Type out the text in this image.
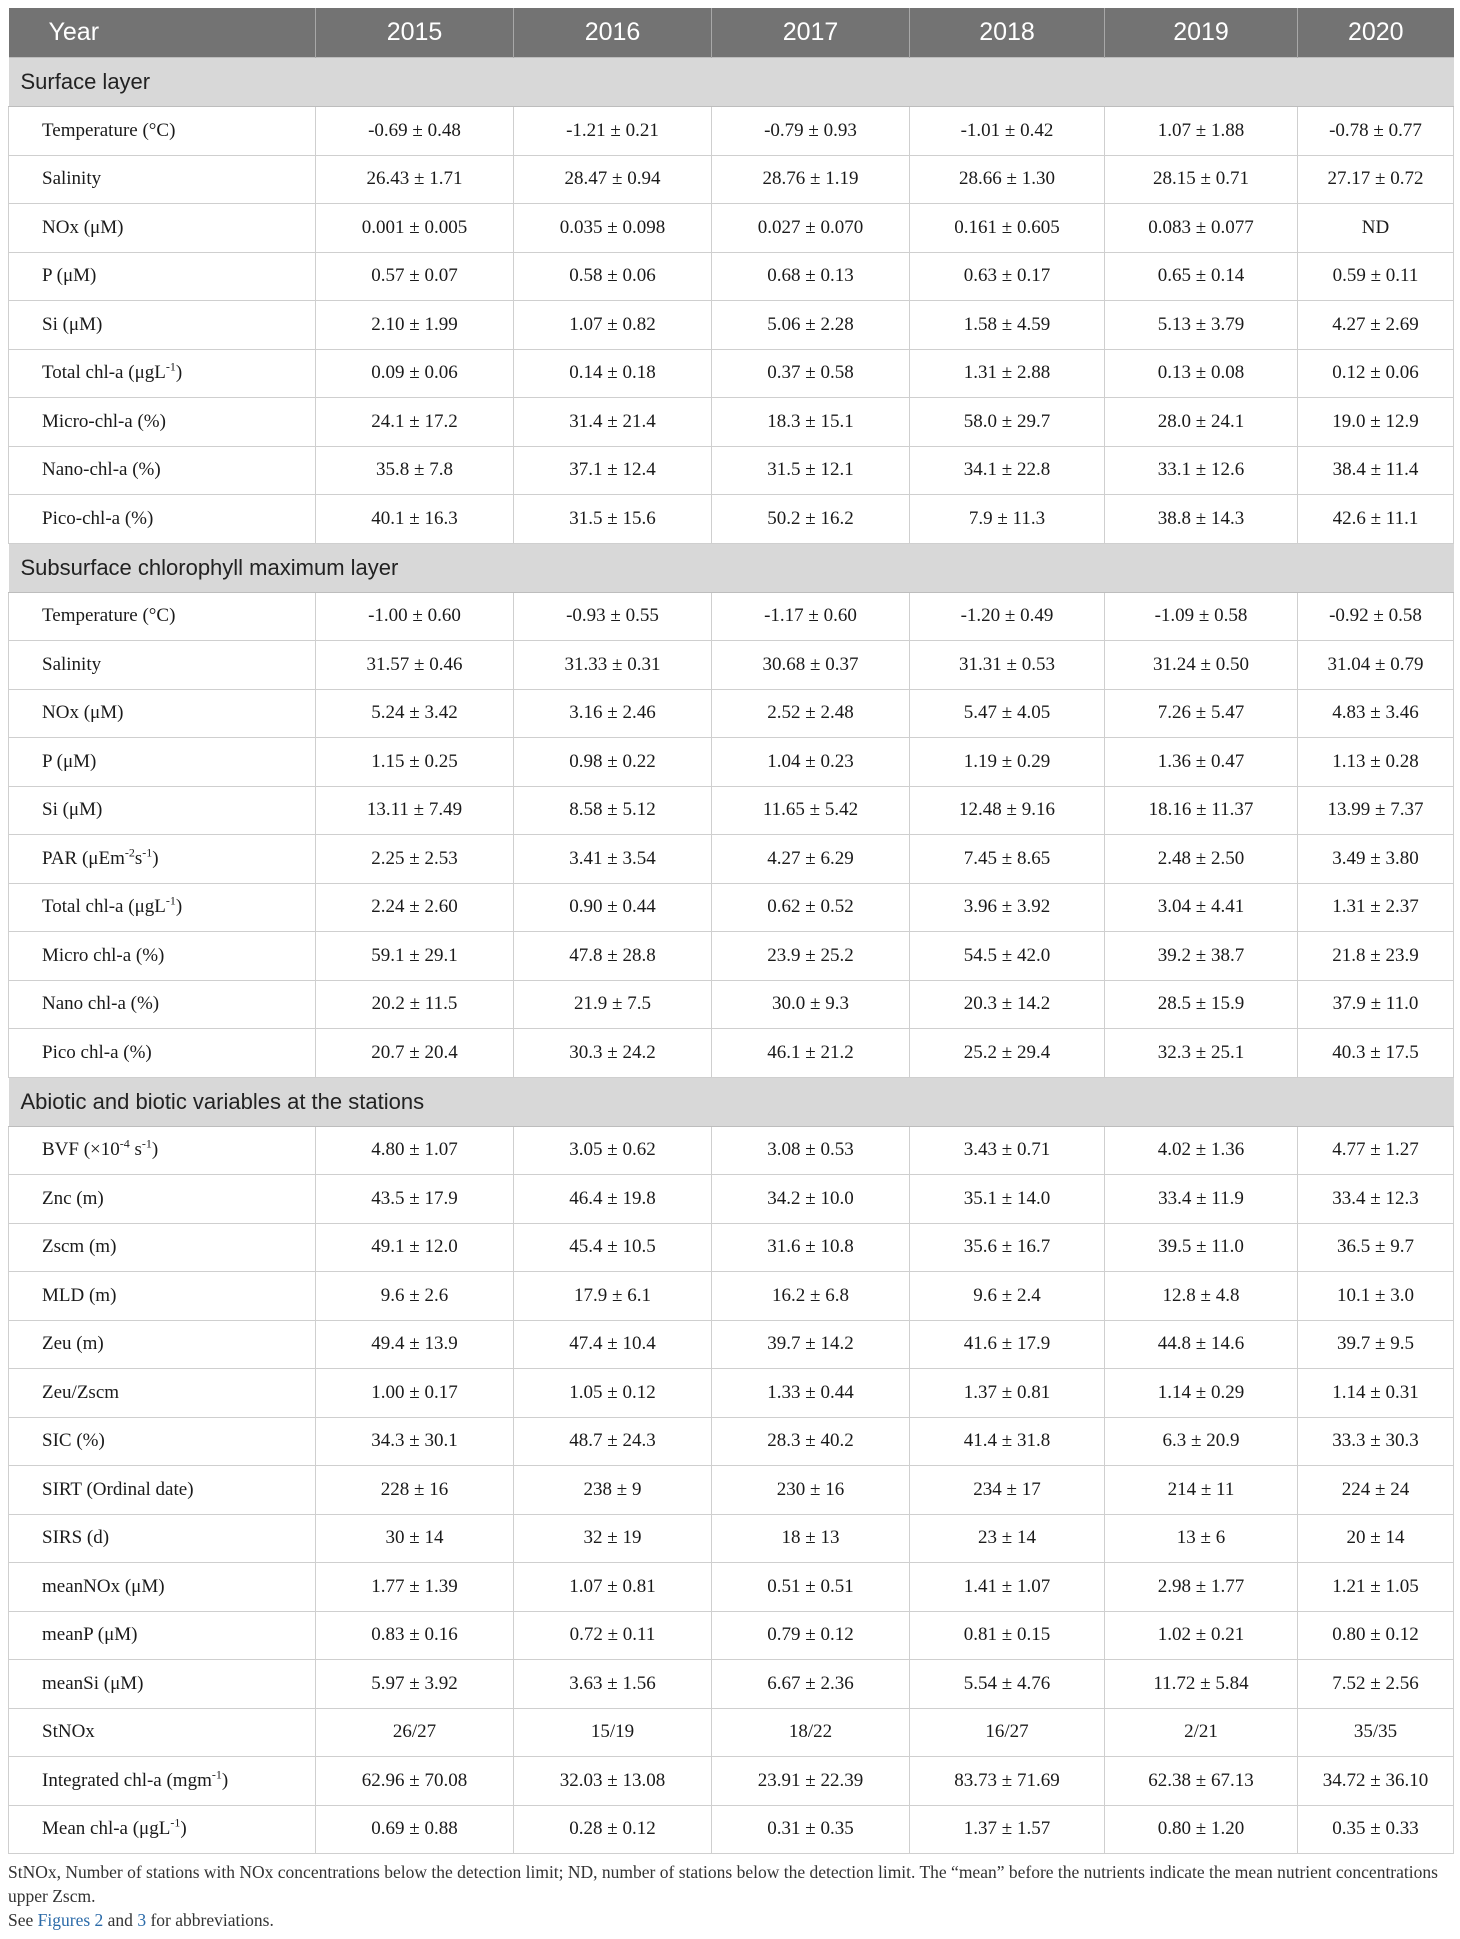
Year	2015	2016	2017	2018	2019	2020
Surface layer						
Temperature (°C)	-0.69 ± 0.48	-1.21 ± 0.21	-0.79 ± 0.93	-1.01 ± 0.42	1.07 ± 1.88	-0.78 ± 0.77
Salinity	26.43 ± 1.71	28.47 ± 0.94	28.76 ± 1.19	28.66 ± 1.30	28.15 ± 0.71	27.17 ± 0.72
NOx (μM)	0.001 ± 0.005	0.035 ± 0.098	0.027 ± 0.070	0.161 ± 0.605	0.083 ± 0.077	ND
P (μM)	0.57 ± 0.07	0.58 ± 0.06	0.68 ± 0.13	0.63 ± 0.17	0.65 ± 0.14	0.59 ± 0.11
Si (μM)	2.10 ± 1.99	1.07 ± 0.82	5.06 ± 2.28	1.58 ± 4.59	5.13 ± 3.79	4.27 ± 2.69
Total chl-a (μgL$^{-1}$)	0.09 ± 0.06	0.14 ± 0.18	0.37 ± 0.58	1.31 ± 2.88	0.13 ± 0.08	0.12 ± 0.06
Micro-chl-a (%)	24.1 ± 17.2	31.4 ± 21.4	18.3 ± 15.1	58.0 ± 29.7	28.0 ± 24.1	19.0 ± 12.9
Nano-chl-a (%)	35.8 ± 7.8	37.1 ± 12.4	31.5 ± 12.1	34.1 ± 22.8	33.1 ± 12.6	38.4 ± 11.4
Pico-chl-a (%)	40.1 ± 16.3	31.5 ± 15.6	50.2 ± 16.2	7.9 ± 11.3	38.8 ± 14.3	42.6 ± 11.1
Subsurface chlorophyll maximum layer						
Temperature (°C)	-1.00 ± 0.60	-0.93 ± 0.55	-1.17 ± 0.60	-1.20 ± 0.49	-1.09 ± 0.58	-0.92 ± 0.58
Salinity	31.57 ± 0.46	31.33 ± 0.31	30.68 ± 0.37	31.31 ± 0.53	31.24 ± 0.50	31.04 ± 0.79
NOx (μM)	5.24 ± 3.42	3.16 ± 2.46	2.52 ± 2.48	5.47 ± 4.05	7.26 ± 5.47	4.83 ± 3.46
P (μM)	1.15 ± 0.25	0.98 ± 0.22	1.04 ± 0.23	1.19 ± 0.29	1.36 ± 0.47	1.13 ± 0.28
Si (μM)	13.11 ± 7.49	8.58 ± 5.12	11.65 ± 5.42	12.48 ± 9.16	18.16 ± 11.37	13.99 ± 7.37
PAR $(\mu Em^{-2}s^{-1})$	2.25 ± 2.53	3.41 ± 3.54	4.27 ± 6.29	7.45 ± 8.65	2.48 ± 2.50	3.49 ± 3.80
Total chl-a (μgL$^{-1}$)	2.24 ± 2.60	0.90 ± 0.44	0.62 ± 0.52	3.96 ± 3.92	3.04 ± 4.41	1.31 ± 2.37
Micro chl-a (%)	59.1 ± 29.1	47.8 ± 28.8	23.9 ± 25.2	54.5 ± 42.0	39.2 ± 38.7	21.8 ± 23.9
Nano chl-a (%)	20.2 ± 11.5	21.9 ± 7.5	30.0 ± 9.3	20.3 ± 14.2	28.5 ± 15.9	37.9 ± 11.0
Pico chl-a (%)	20.7 ± 20.4	30.3 ± 24.2	46.1 ± 21.2	25.2 ± 29.4	32.3 ± 25.1	40.3 ± 17.5
Abiotic and biotic variables at the stations						
BVF ($\times 10^{-4}$ $s^{-1}$)	4.80 ± 1.07	3.05 ± 0.62	3.08 ± 0.53	3.43 ± 0.71	4.02 ± 1.36	4.77 ± 1.27
Znc (m)	43.5 ± 17.9	46.4 ± 19.8	34.2 ± 10.0	35.1 ± 14.0	33.4 ± 11.9	33.4 ± 12.3
Zscm (m)	49.1 ± 12.0	45.4 ± 10.5	31.6 ± 10.8	35.6 ± 16.7	39.5 ± 11.0	36.5 ± 9.7
MLD (m)	9.6 ± 2.6	17.9 ± 6.1	16.2 ± 6.8	9.6 ± 2.4	12.8 ± 4.8	10.1 ± 3.0
Zeu (m)	49.4 ± 13.9	47.4 ± 10.4	39.7 ± 14.2	41.6 ± 17.9	44.8 ± 14.6	39.7 ± 9.5
Zeu/Zscm	1.00 ± 0.17	1.05 ± 0.12	1.33 ± 0.44	1.37 ± 0.81	1.14 ± 0.29	1.14 ± 0.31
SIC (%)	34.3 ± 30.1	48.7 ± 24.3	28.3 ± 40.2	41.4 ± 31.8	6.3 ± 20.9	33.3 ± 30.3
SIRT (Ordinal date)	228 ± 16	238 ± 9	230 ± 16	234 ± 17	214 ± 11	224 ± 24
SIRS (d)	30 ± 14	32 ± 19	18 ± 13	23 ± 14	13 ± 6	20 ± 14
meanNOx (μM)	1.77 ± 1.39	1.07 ± 0.81	0.51 ± 0.51	1.41 ± 1.07	2.98 ± 1.77	1.21 ± 1.05
meanP (μM)	0.83 ± 0.16	0.72 ± 0.11	0.79 ± 0.12	0.81 ± 0.15	1.02 ± 0.21	0.80 ± 0.12
meanSi (μM)	5.97 ± 3.92	3.63 ± 1.56	6.67 ± 2.36	5.54 ± 4.76	11.72 ± 5.84	7.52 ± 2.56
StNOx	26/27	15/19	18/22	16/27	2/21	35/35
Integrated chl-a (mgm$^{-1}$)	62.96 ± 70.08	32.03 ± 13.08	23.91 ± 22.39	83.73 ± 71.69	62.38 ± 67.13	34.72 ± 36.10
Mean chl-a (μgL$^{-1}$)	0.69 ± 0.88	0.28 ± 0.12	0.31 ± 0.35	1.37 ± 1.57	0.80 ± 1.20	0.35 ± 0.33
StNOx, Number of stations with NOx concentrations below the detection limit; ND, number of stations below the detection limit. The “mean” before the nutrients indicate the mean nutrient concentrations upper Zscm.
See Figures 2 and 3 for abbreviations.
